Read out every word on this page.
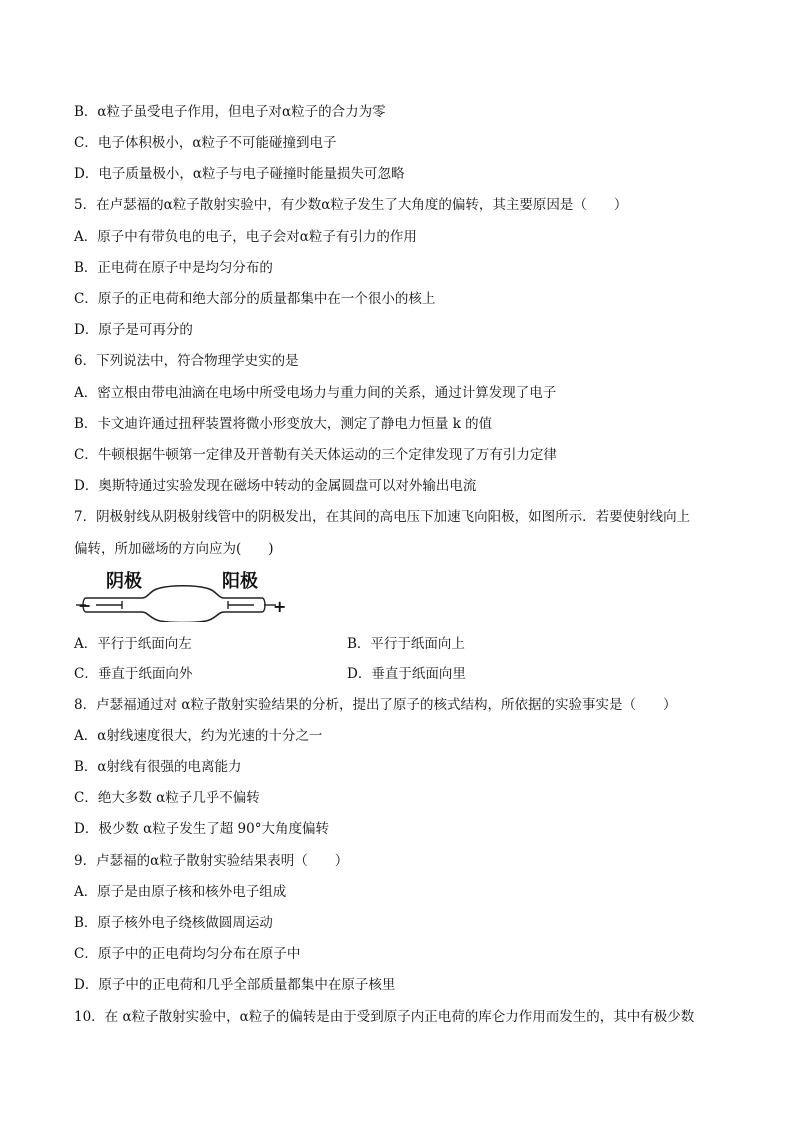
B．α粒子虽受电子作用，但电子对α粒子的合力为零
C．电子体积极小，α粒子不可能碰撞到电子
D．电子质量极小，α粒子与电子碰撞时能量损失可忽略
5．在卢瑟福的α粒子散射实验中，有少数α粒子发生了大角度的偏转，其主要原因是（　　）
A．原子中有带负电的电子，电子会对α粒子有引力的作用
B．正电荷在原子中是均匀分布的
C．原子的正电荷和绝大部分的质量都集中在一个很小的核上
D．原子是可再分的
6．下列说法中，符合物理学史实的是
A．密立根由带电油滴在电场中所受电场力与重力间的关系，通过计算发现了电子
B．卡文迪许通过扭秤装置将微小形变放大，测定了静电力恒量 k 的值
C．牛顿根据牛顿第一定律及开普勒有关天体运动的三个定律发现了万有引力定律
D．奥斯特通过实验发现在磁场中转动的金属圆盘可以对外输出电流
7．阴极射线从阴极射线管中的阴极发出，在其间的高电压下加速飞向阳极，如图所示．若要使射线向上
偏转，所加磁场的方向应为(　　)
阴极	阳极
−	+
A．平行于纸面向左	B．平行于纸面向上
C．垂直于纸面向外	D．垂直于纸面向里
8．卢瑟福通过对 α粒子散射实验结果的分析，提出了原子的核式结构，所依据的实验事实是（　　）
A．α射线速度很大，约为光速的十分之一
B．α射线有很强的电离能力
C．绝大多数 α粒子几乎不偏转
D．极少数 α粒子发生了超 90°大角度偏转
9．卢瑟福的α粒子散射实验结果表明（　　）
A．原子是由原子核和核外电子组成
B．原子核外电子绕核做圆周运动
C．原子中的正电荷均匀分布在原子中
D．原子中的正电荷和几乎全部质量都集中在原子核里
10．在 α粒子散射实验中，α粒子的偏转是由于受到原子内正电荷的库仑力作用而发生的，其中有极少数
